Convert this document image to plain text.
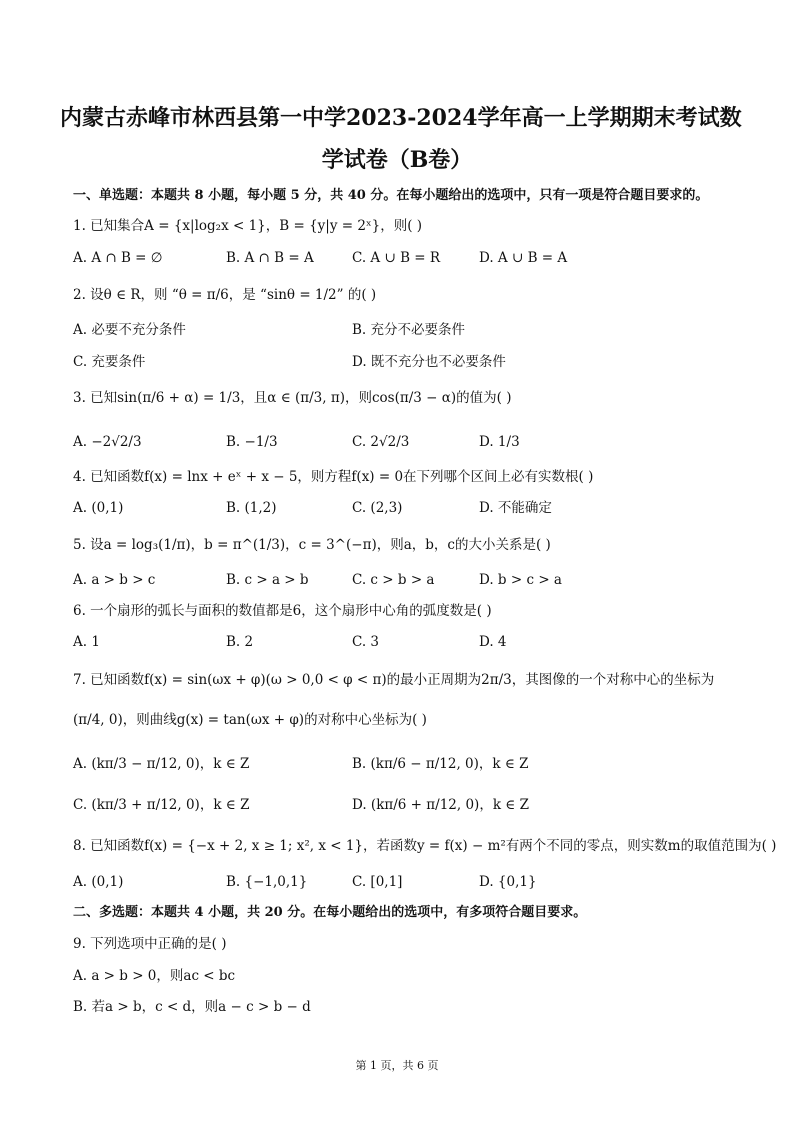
内蒙古赤峰市林西县第一中学2023-2024学年高一上学期期末考试数
学试卷（B卷）
一、单选题：本题共 8 小题，每小题 5 分，共 40 分。在每小题给出的选项中，只有一项是符合题目要求的。
1. 已知集合A = {x|log₂x < 1}，B = {y|y = 2ˣ}，则( )
A. A ∩ B = ∅	B. A ∩ B = A	C. A ∪ B = R	D. A ∪ B = A
2. 设θ ∈ R，则 “θ = π/6，是 “sinθ = 1/2” 的( )
A. 必要不充分条件	B. 充分不必要条件
C. 充要条件	D. 既不充分也不必要条件
3. 已知sin(π/6 + α) = 1/3，且α ∈ (π/3, π)，则cos(π/3 − α)的值为( )
A. −2√2/3	B. −1/3	C. 2√2/3	D. 1/3
4. 已知函数f(x) = lnx + eˣ + x − 5，则方程f(x) = 0在下列哪个区间上必有实数根( )
A. (0,1)	B. (1,2)	C. (2,3)	D. 不能确定
5. 设a = log₃(1/π)，b = π^(1/3)，c = 3^(−π)，则a，b，c的大小关系是( )
A. a > b > c	B. c > a > b	C. c > b > a	D. b > c > a
6. 一个扇形的弧长与面积的数值都是6，这个扇形中心角的弧度数是( )
A. 1	B. 2	C. 3	D. 4
7. 已知函数f(x) = sin(ωx + φ)(ω > 0,0 < φ < π)的最小正周期为2π/3，其图像的一个对称中心的坐标为
(π/4, 0)，则曲线g(x) = tan(ωx + φ)的对称中心坐标为( )
A. (kπ/3 − π/12, 0)，k ∈ Z	B. (kπ/6 − π/12, 0)，k ∈ Z
C. (kπ/3 + π/12, 0)，k ∈ Z	D. (kπ/6 + π/12, 0)，k ∈ Z
8. 已知函数f(x) = {−x + 2, x ≥ 1; x², x < 1}，若函数y = f(x) − m²有两个不同的零点，则实数m的取值范围为( )
A. (0,1)	B. {−1,0,1}	C. [0,1]	D. {0,1}
二、多选题：本题共 4 小题，共 20 分。在每小题给出的选项中，有多项符合题目要求。
9. 下列选项中正确的是( )
A. a > b > 0，则ac < bc
B. 若a > b，c < d，则a − c > b − d
第 1 页，共 6 页
